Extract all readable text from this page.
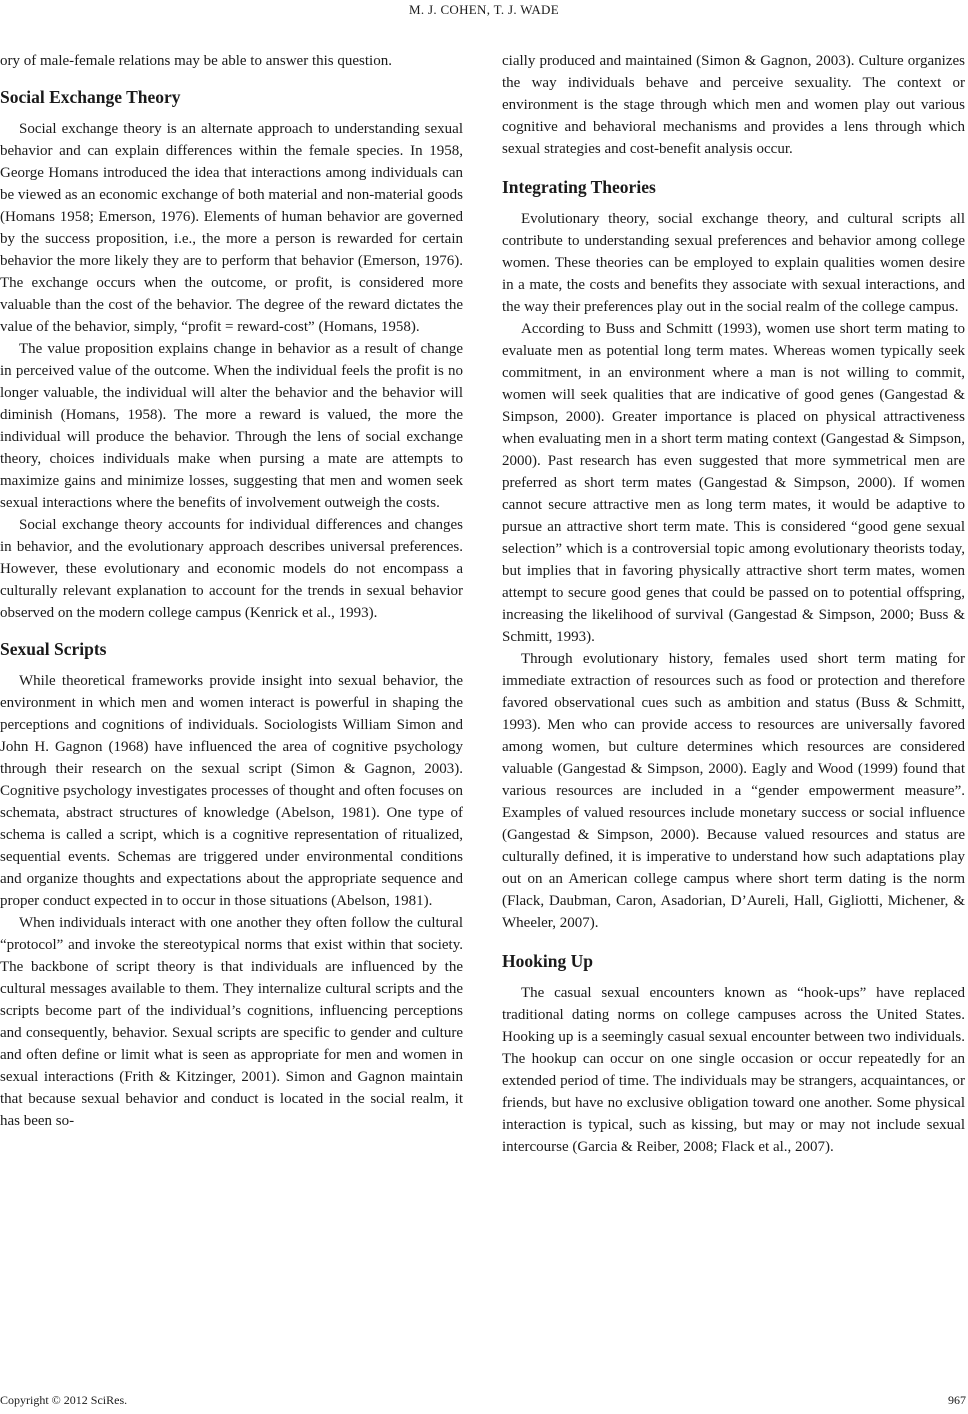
M. J. COHEN, T. J. WADE

ory of male-female relations may be able to answer this question.

Social Exchange Theory

Social exchange theory is an alternate approach to understanding sexual behavior and can explain differences within the female species. In 1958, George Homans introduced the idea that interactions among individuals can be viewed as an economic exchange of both material and non-material goods (Homans 1958; Emerson, 1976). Elements of human behavior are governed by the success proposition, i.e., the more a person is rewarded for certain behavior the more likely they are to perform that behavior (Emerson, 1976). The exchange occurs when the outcome, or profit, is considered more valuable than the cost of the behavior. The degree of the reward dictates the value of the behavior, simply, “profit = reward-cost” (Homans, 1958).

The value proposition explains change in behavior as a result of change in perceived value of the outcome. When the individual feels the profit is no longer valuable, the individual will alter the behavior and the behavior will diminish (Homans, 1958). The more a reward is valued, the more the individual will produce the behavior. Through the lens of social exchange theory, choices individuals make when pursing a mate are attempts to maximize gains and minimize losses, suggesting that men and women seek sexual interactions where the benefits of involvement outweigh the costs.

Social exchange theory accounts for individual differences and changes in behavior, and the evolutionary approach describes universal preferences. However, these evolutionary and economic models do not encompass a culturally relevant explanation to account for the trends in sexual behavior observed on the modern college campus (Kenrick et al., 1993).

Sexual Scripts

While theoretical frameworks provide insight into sexual behavior, the environment in which men and women interact is powerful in shaping the perceptions and cognitions of individuals. Sociologists William Simon and John H. Gagnon (1968) have influenced the area of cognitive psychology through their research on the sexual script (Simon & Gagnon, 2003). Cognitive psychology investigates processes of thought and often focuses on schemata, abstract structures of knowledge (Abelson, 1981). One type of schema is called a script, which is a cognitive representation of ritualized, sequential events. Schemas are triggered under environmental conditions and organize thoughts and expectations about the appropriate sequence and proper conduct expected in to occur in those situations (Abelson, 1981).

When individuals interact with one another they often follow the cultural “protocol” and invoke the stereotypical norms that exist within that society. The backbone of script theory is that individuals are influenced by the cultural messages available to them. They internalize cultural scripts and the scripts become part of the individual’s cognitions, influencing perceptions and consequently, behavior. Sexual scripts are specific to gender and culture and often define or limit what is seen as appropriate for men and women in sexual interactions (Frith & Kitzinger, 2001). Simon and Gagnon maintain that because sexual behavior and conduct is located in the social realm, it has been so-

cially produced and maintained (Simon & Gagnon, 2003). Culture organizes the way individuals behave and perceive sexuality. The context or environment is the stage through which men and women play out various cognitive and behavioral mechanisms and provides a lens through which sexual strategies and cost-benefit analysis occur.

Integrating Theories

Evolutionary theory, social exchange theory, and cultural scripts all contribute to understanding sexual preferences and behavior among college women. These theories can be employed to explain qualities women desire in a mate, the costs and benefits they associate with sexual interactions, and the way their preferences play out in the social realm of the college campus.

According to Buss and Schmitt (1993), women use short term mating to evaluate men as potential long term mates. Whereas women typically seek commitment, in an environment where a man is not willing to commit, women will seek qualities that are indicative of good genes (Gangestad & Simpson, 2000). Greater importance is placed on physical attractiveness when evaluating men in a short term mating context (Gangestad & Simpson, 2000). Past research has even suggested that more symmetrical men are preferred as short term mates (Gangestad & Simpson, 2000). If women cannot secure attractive men as long term mates, it would be adaptive to pursue an attractive short term mate. This is considered “good gene sexual selection” which is a controversial topic among evolutionary theorists today, but implies that in favoring physically attractive short term mates, women attempt to secure good genes that could be passed on to potential offspring, increasing the likelihood of survival (Gangestad & Simpson, 2000; Buss & Schmitt, 1993).

Through evolutionary history, females used short term mating for immediate extraction of resources such as food or protection and therefore favored observational cues such as ambition and status (Buss & Schmitt, 1993). Men who can provide access to resources are universally favored among women, but culture determines which resources are considered valuable (Gangestad & Simpson, 2000). Eagly and Wood (1999) found that various resources are included in a “gender empowerment measure”. Examples of valued resources include monetary success or social influence (Gangestad & Simpson, 2000). Because valued resources and status are culturally defined, it is imperative to understand how such adaptations play out on an American college campus where short term dating is the norm (Flack, Daubman, Caron, Asadorian, D’Aureli, Hall, Gigliotti, Michener, & Wheeler, 2007).

Hooking Up

The casual sexual encounters known as “hook-ups” have replaced traditional dating norms on college campuses across the United States. Hooking up is a seemingly casual sexual encounter between two individuals. The hookup can occur on one single occasion or occur repeatedly for an extended period of time. The individuals may be strangers, acquaintances, or friends, but have no exclusive obligation toward one another. Some physical interaction is typical, such as kissing, but may or may not include sexual intercourse (Garcia & Reiber, 2008; Flack et al., 2007).

Copyright © 2012 SciRes.	967
